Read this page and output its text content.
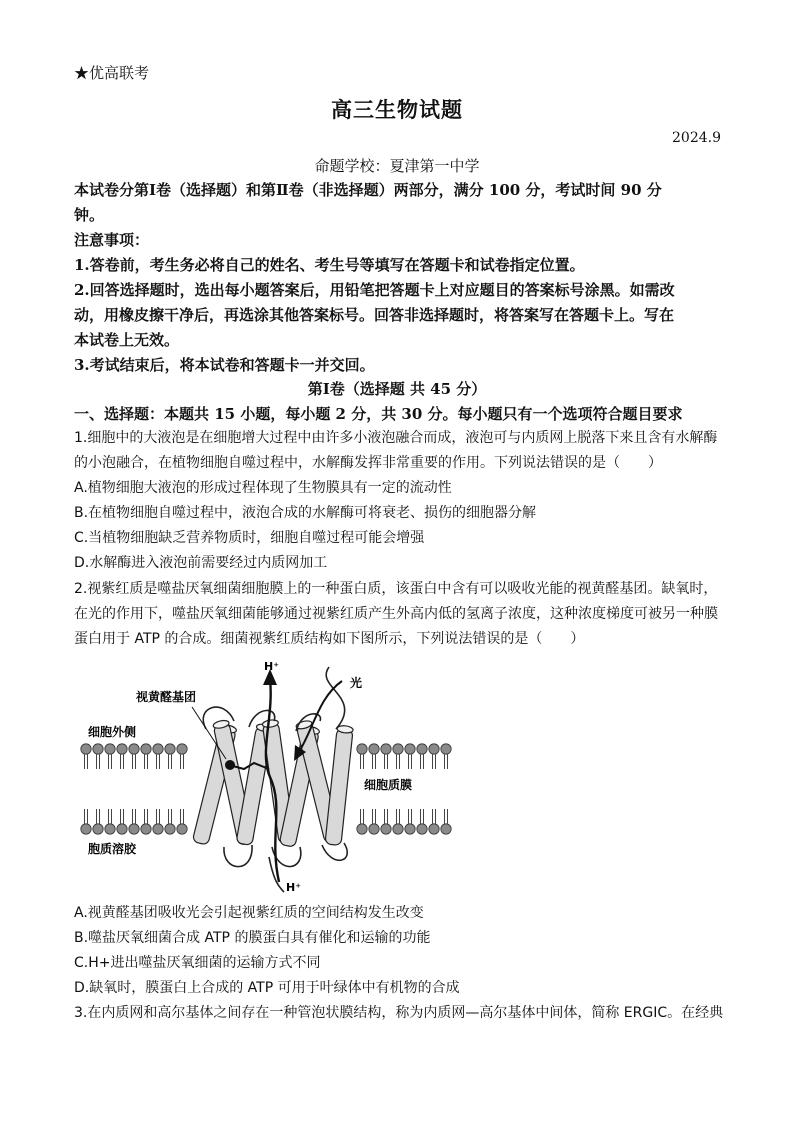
★优高联考
高三生物试题
2024.9
命题学校：夏津第一中学
本试卷分第Ⅰ卷（选择题）和第Ⅱ卷（非选择题）两部分，满分 100 分，考试时间 90 分
钟。
注意事项：
1.答卷前，考生务必将自己的姓名、考生号等填写在答题卡和试卷指定位置。
2.回答选择题时，选出每小题答案后，用铅笔把答题卡上对应题目的答案标号涂黑。如需改
动，用橡皮擦干净后，再选涂其他答案标号。回答非选择题时，将答案写在答题卡上。写在
本试卷上无效。
3.考试结束后，将本试卷和答题卡一并交回。
第Ⅰ卷（选择题 共 45 分）
一、选择题：本题共 15 小题，每小题 2 分，共 30 分。每小题只有一个选项符合题目要求
1.细胞中的大液泡是在细胞增大过程中由许多小液泡融合而成，液泡可与内质网上脱落下来且含有水解酶
的小泡融合，在植物细胞自噬过程中，水解酶发挥非常重要的作用。下列说法错误的是（　　）
A.植物细胞大液泡的形成过程体现了生物膜具有一定的流动性
B.在植物细胞自噬过程中，液泡合成的水解酶可将衰老、损伤的细胞器分解
C.当植物细胞缺乏营养物质时，细胞自噬过程可能会增强
D.水解酶进入液泡前需要经过内质网加工
2.视紫红质是噬盐厌氧细菌细胞膜上的一种蛋白质，该蛋白中含有可以吸收光能的视黄醛基团。缺氧时，
在光的作用下，噬盐厌氧细菌能够通过视紫红质产生外高内低的氢离子浓度，这种浓度梯度可被另一种膜
蛋白用于 ATP 的合成。细菌视紫红质结构如下图所示，下列说法错误的是（　　）
H⁺
光
视黄醛基团
细胞外侧
细胞质膜
胞质溶胶
H⁺
A.视黄醛基团吸收光会引起视紫红质的空间结构发生改变
B.噬盐厌氧细菌合成 ATP 的膜蛋白具有催化和运输的功能
C.H+进出噬盐厌氧细菌的运输方式不同
D.缺氧时，膜蛋白上合成的 ATP 可用于叶绿体中有机物的合成
3.在内质网和高尔基体之间存在一种管泡状膜结构，称为内质网—高尔基体中间体，简称 ERGIC。在经典
